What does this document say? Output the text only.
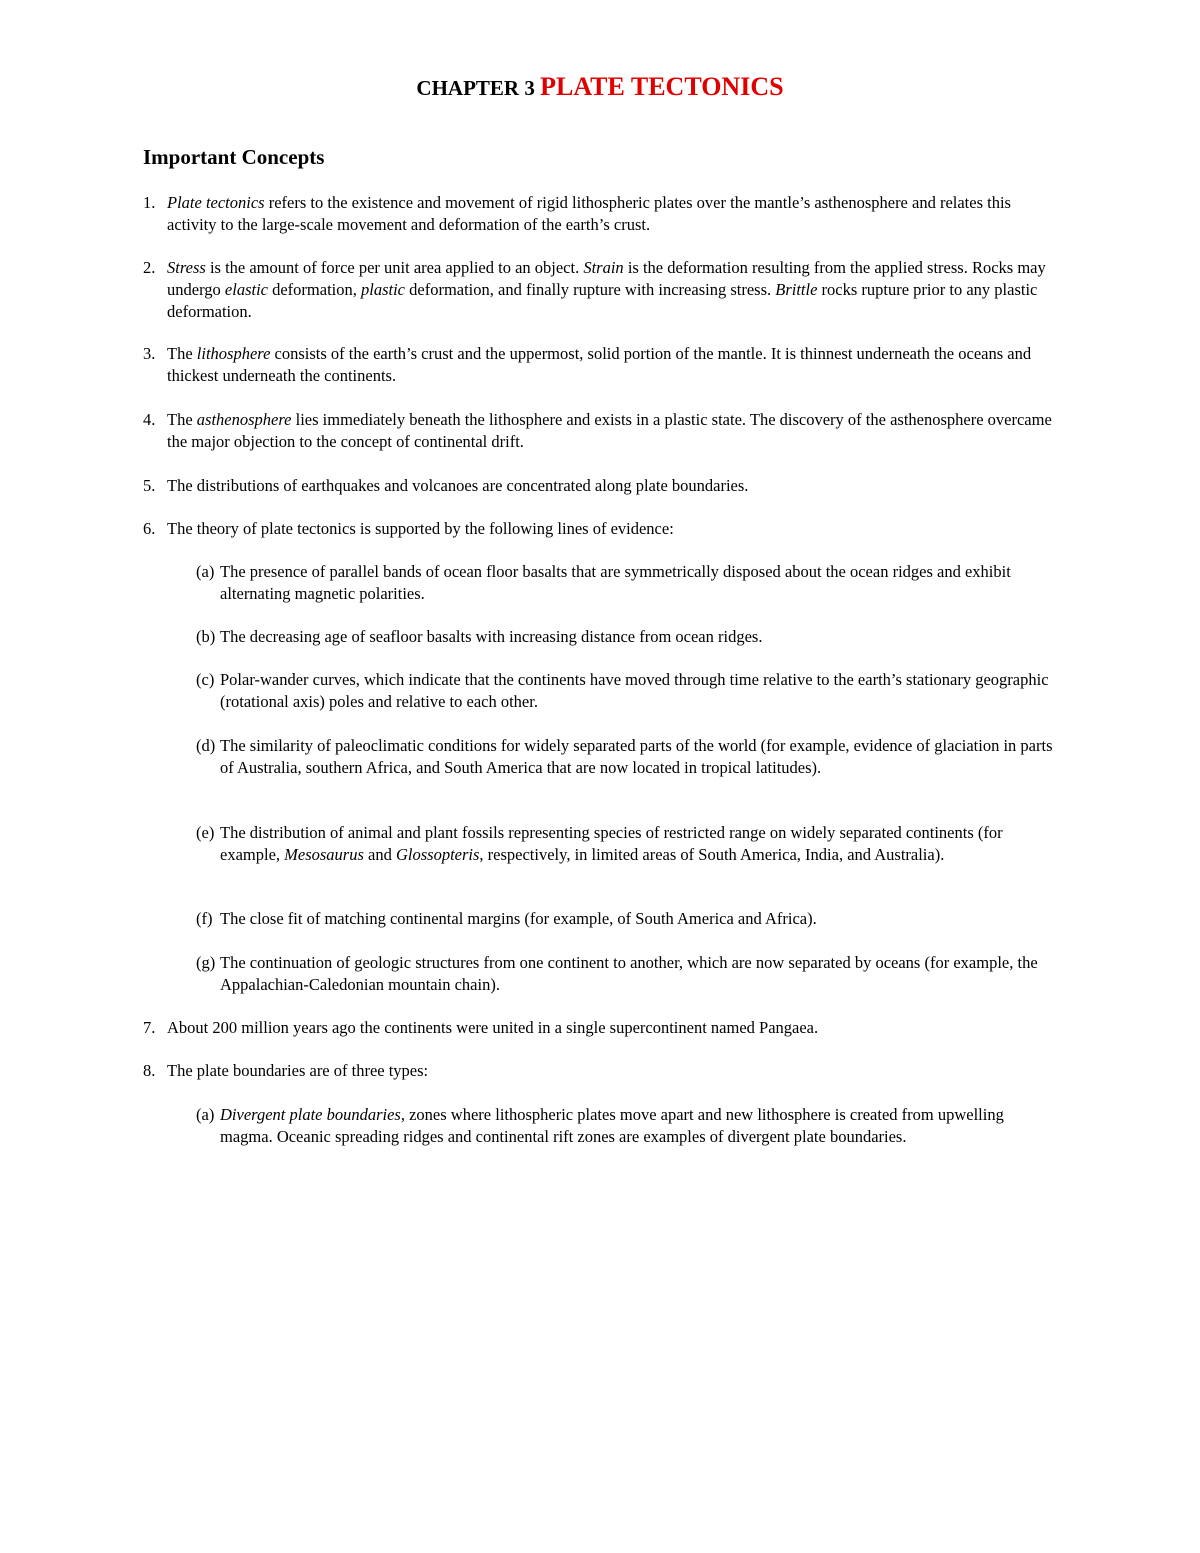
CHAPTER 3 PLATE TECTONICS
Important Concepts
1. Plate tectonics refers to the existence and movement of rigid lithospheric plates over the mantle’s asthenosphere and relates this activity to the large-scale movement and deformation of the earth’s crust.
2. Stress is the amount of force per unit area applied to an object. Strain is the deformation resulting from the applied stress. Rocks may undergo elastic deformation, plastic deformation, and finally rupture with increasing stress. Brittle rocks rupture prior to any plastic deformation.
3. The lithosphere consists of the earth’s crust and the uppermost, solid portion of the mantle. It is thinnest underneath the oceans and thickest underneath the continents.
4. The asthenosphere lies immediately beneath the lithosphere and exists in a plastic state. The discovery of the asthenosphere overcame the major objection to the concept of continental drift.
5. The distributions of earthquakes and volcanoes are concentrated along plate boundaries.
6. The theory of plate tectonics is supported by the following lines of evidence:
(a) The presence of parallel bands of ocean floor basalts that are symmetrically disposed about the ocean ridges and exhibit alternating magnetic polarities.
(b) The decreasing age of seafloor basalts with increasing distance from ocean ridges.
(c) Polar-wander curves, which indicate that the continents have moved through time relative to the earth’s stationary geographic (rotational axis) poles and relative to each other.
(d) The similarity of paleoclimatic conditions for widely separated parts of the world (for example, evidence of glaciation in parts of Australia, southern Africa, and South America that are now located in tropical latitudes).
(e) The distribution of animal and plant fossils representing species of restricted range on widely separated continents (for example, Mesosaurus and Glossopteris, respectively, in limited areas of South America, India, and Australia).
(f) The close fit of matching continental margins (for example, of South America and Africa).
(g) The continuation of geologic structures from one continent to another, which are now separated by oceans (for example, the Appalachian-Caledonian mountain chain).
7. About 200 million years ago the continents were united in a single supercontinent named Pangaea.
8. The plate boundaries are of three types:
(a) Divergent plate boundaries, zones where lithospheric plates move apart and new lithosphere is created from upwelling magma. Oceanic spreading ridges and continental rift zones are examples of divergent plate boundaries.
